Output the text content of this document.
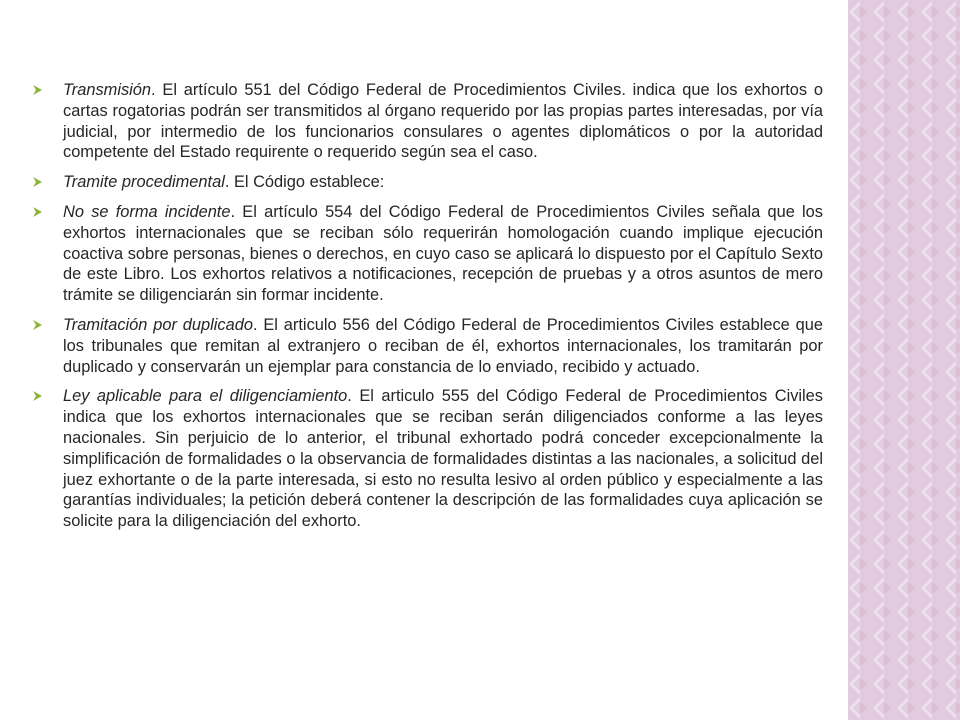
Transmisión. El artículo 551 del Código Federal de Procedimientos Civiles. indica que los exhortos o cartas rogatorias podrán ser transmitidos al órgano requerido por las propias partes interesadas, por vía judicial, por intermedio de los funcionarios consulares o agentes diplomáticos o por la autoridad competente del Estado requirente o requerido según sea el caso.
Tramite procedimental. El Código establece:
No se forma incidente. El artículo 554 del Código Federal de Procedimientos Civiles señala que los exhortos internacionales que se reciban sólo requerirán homologación cuando implique ejecución coactiva sobre personas, bienes o derechos, en cuyo caso se aplicará lo dispuesto por el Capítulo Sexto de este Libro. Los exhortos relativos a notificaciones, recepción de pruebas y a otros asuntos de mero trámite se diligenciarán sin formar incidente.
Tramitación por duplicado. El articulo 556 del Código Federal de Procedimientos Civiles establece que los tribunales que remitan al extranjero o reciban de él, exhortos internacionales, los tramitarán por duplicado y conservarán un ejemplar para constancia de lo enviado, recibido y actuado.
Ley aplicable para el diligenciamiento. El articulo 555 del Código Federal de Procedimientos Civiles indica que los exhortos internacionales que se reciban serán diligenciados conforme a las leyes nacionales. Sin perjuicio de lo anterior, el tribunal exhortado podrá conceder excepcionalmente la simplificación de formalidades o la observancia de formalidades distintas a las nacionales, a solicitud del juez exhortante o de la parte interesada, si esto no resulta lesivo al orden público y especialmente a las garantías individuales; la petición deberá contener la descripción de las formalidades cuya aplicación se solicite para la diligenciación del exhorto.
